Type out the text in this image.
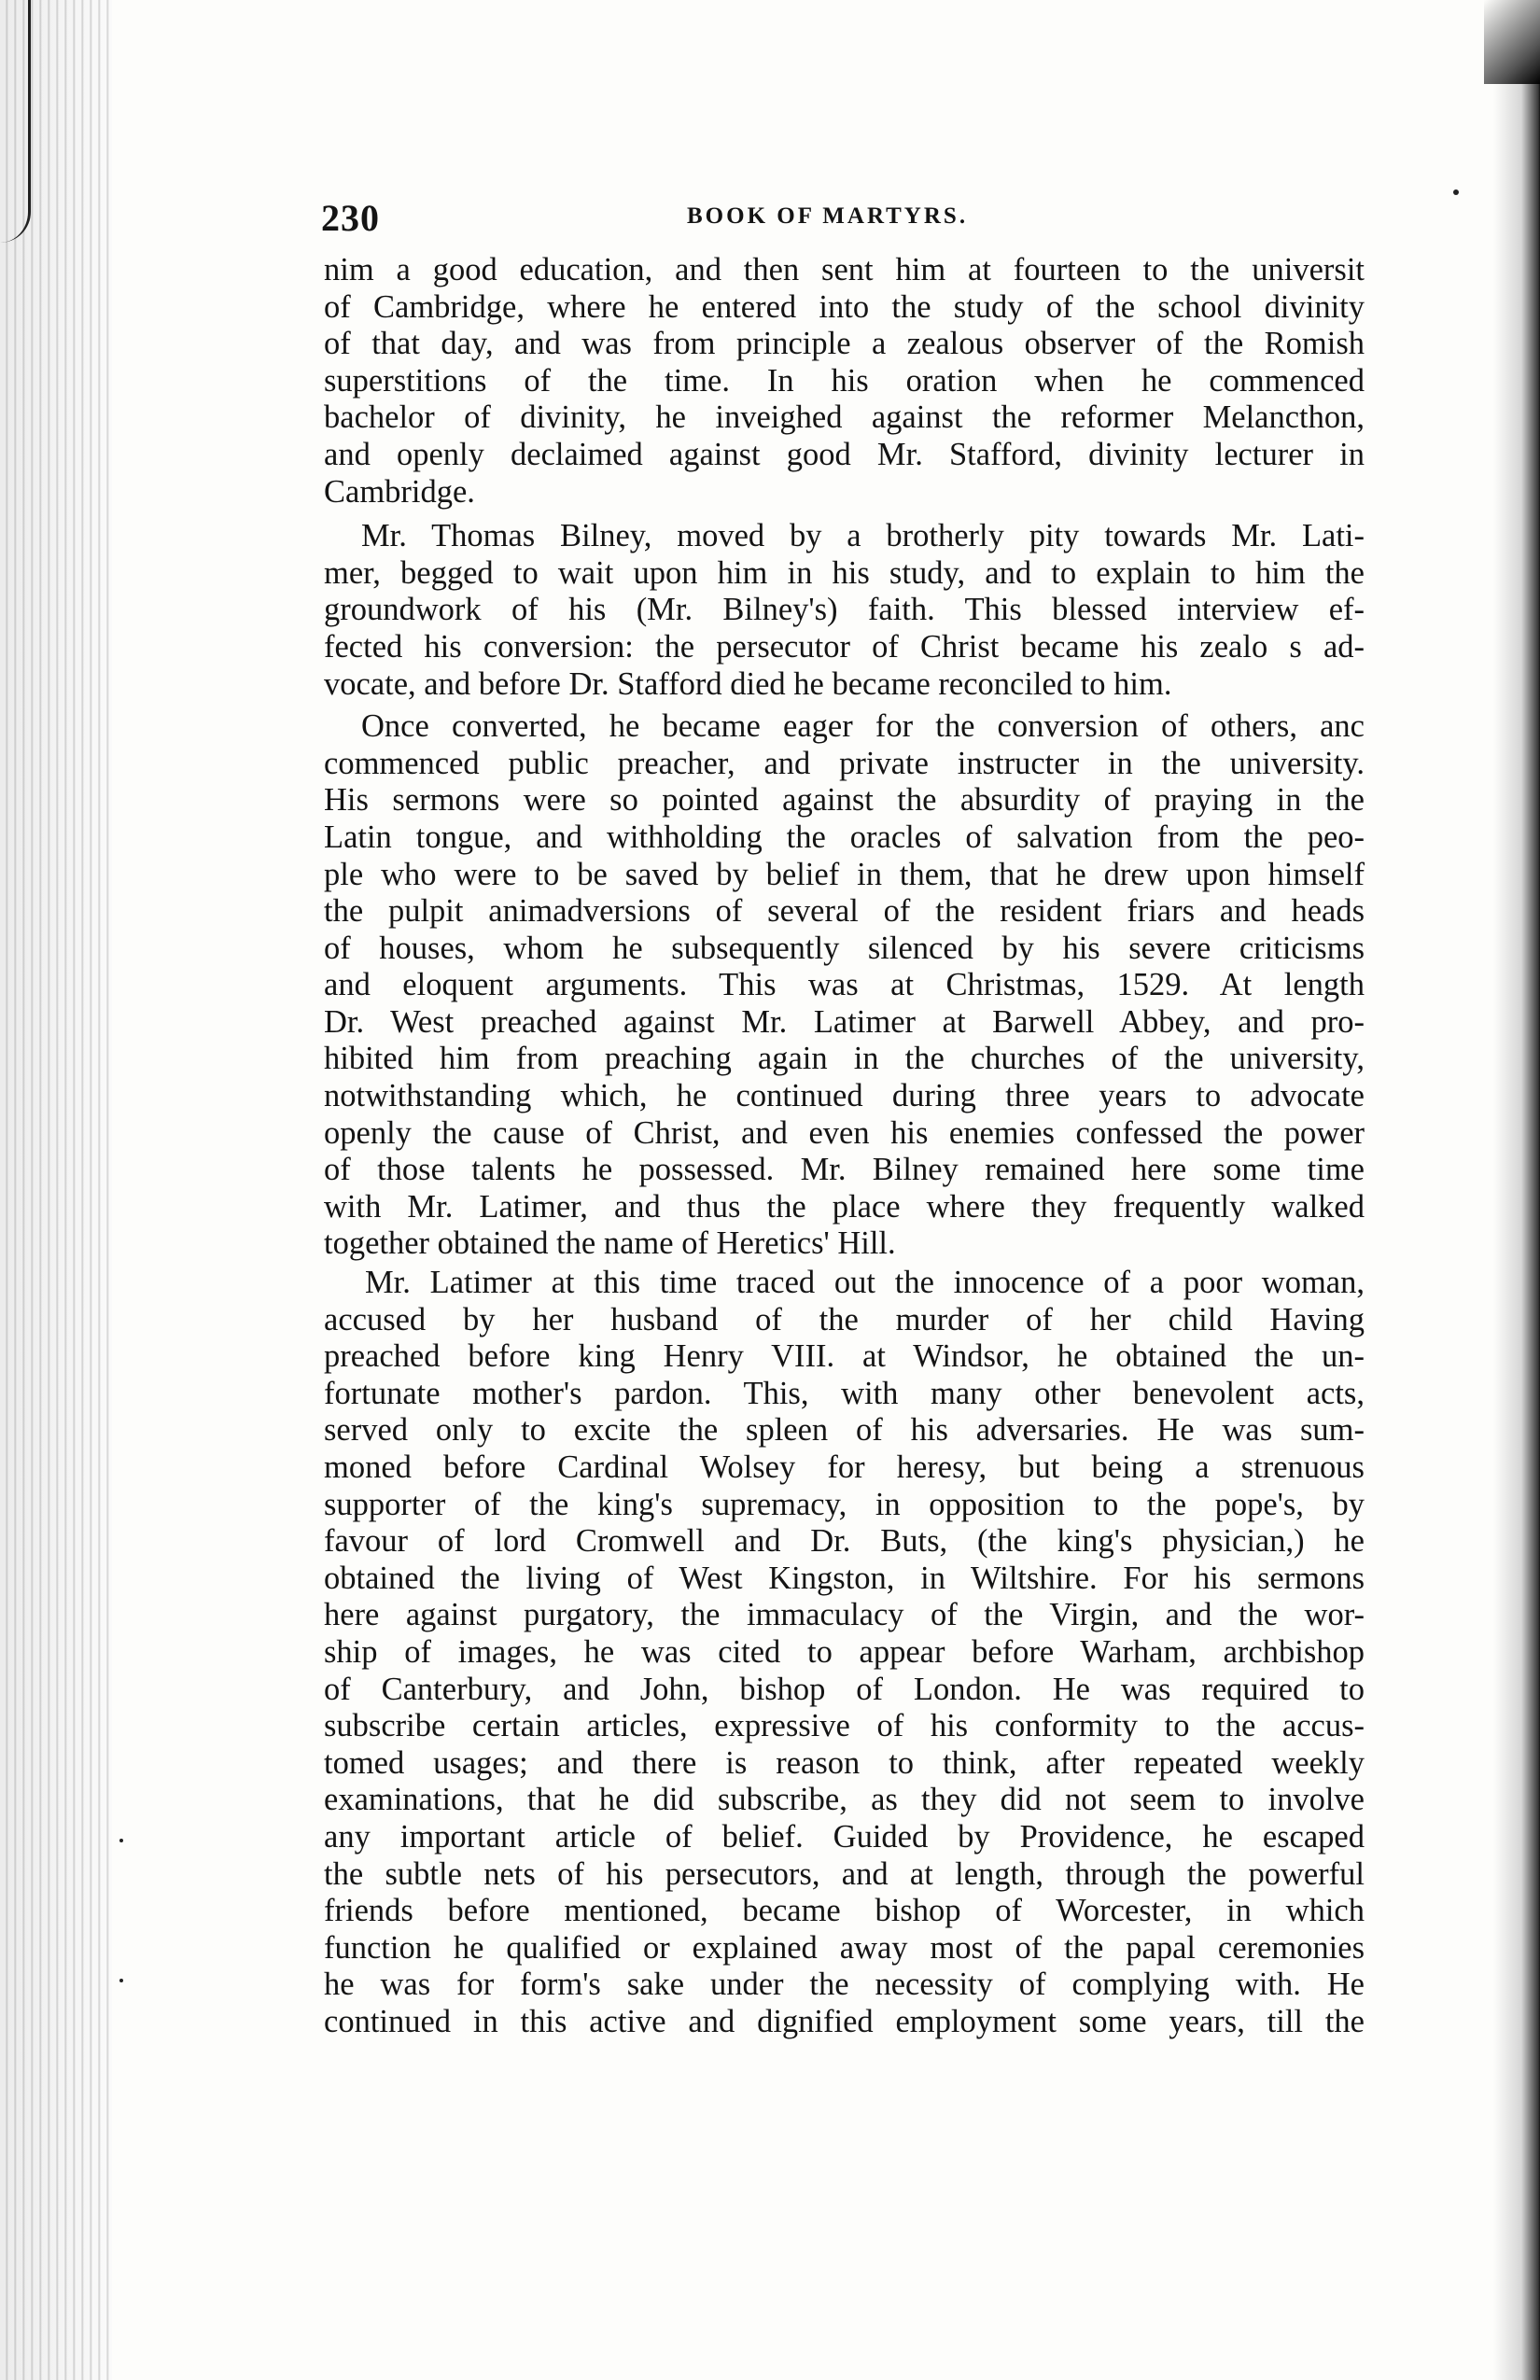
230	BOOK OF MARTYRS.

nim a good education, and then sent him at fourteen to the universit
of Cambridge, where he entered into the study of the school divinity
of that day, and was from principle a zealous observer of the Romish
superstitions of the time. In his oration when he commenced
bachelor of divinity, he inveighed against the reformer Melancthon,
and openly declaimed against good Mr. Stafford, divinity lecturer in
Cambridge.

Mr. Thomas Bilney, moved by a brotherly pity towards Mr. Lati-
mer, begged to wait upon him in his study, and to explain to him the
groundwork of his (Mr. Bilney's) faith. This blessed interview ef-
fected his conversion: the persecutor of Christ became his zealo s ad-
vocate, and before Dr. Stafford died he became reconciled to him.

Once converted, he became eager for the conversion of others, anc
commenced public preacher, and private instructer in the university.
His sermons were so pointed against the absurdity of praying in the
Latin tongue, and withholding the oracles of salvation from the peo-
ple who were to be saved by belief in them, that he drew upon himself
the pulpit animadversions of several of the resident friars and heads
of houses, whom he subsequently silenced by his severe criticisms
and eloquent arguments. This was at Christmas, 1529. At length
Dr. West preached against Mr. Latimer at Barwell Abbey, and pro-
hibited him from preaching again in the churches of the university,
notwithstanding which, he continued during three years to advocate
openly the cause of Christ, and even his enemies confessed the power
of those talents he possessed. Mr. Bilney remained here some time
with Mr. Latimer, and thus the place where they frequently walked
together obtained the name of Heretics' Hill.

Mr. Latimer at this time traced out the innocence of a poor woman,
accused by her husband of the murder of her child Having
preached before king Henry VIII. at Windsor, he obtained the un-
fortunate mother's pardon. This, with many other benevolent acts,
served only to excite the spleen of his adversaries. He was sum-
moned before Cardinal Wolsey for heresy, but being a strenuous
supporter of the king's supremacy, in opposition to the pope's, by
favour of lord Cromwell and Dr. Buts, (the king's physician,) he
obtained the living of West Kingston, in Wiltshire. For his sermons
here against purgatory, the immaculacy of the Virgin, and the wor-
ship of images, he was cited to appear before Warham, archbishop
of Canterbury, and John, bishop of London. He was required to
subscribe certain articles, expressive of his conformity to the accus-
tomed usages; and there is reason to think, after repeated weekly
examinations, that he did subscribe, as they did not seem to involve
any important article of belief. Guided by Providence, he escaped
the subtle nets of his persecutors, and at length, through the powerful
friends before mentioned, became bishop of Worcester, in which
function he qualified or explained away most of the papal ceremonies
he was for form's sake under the necessity of complying with. He
continued in this active and dignified employment some years, till the
